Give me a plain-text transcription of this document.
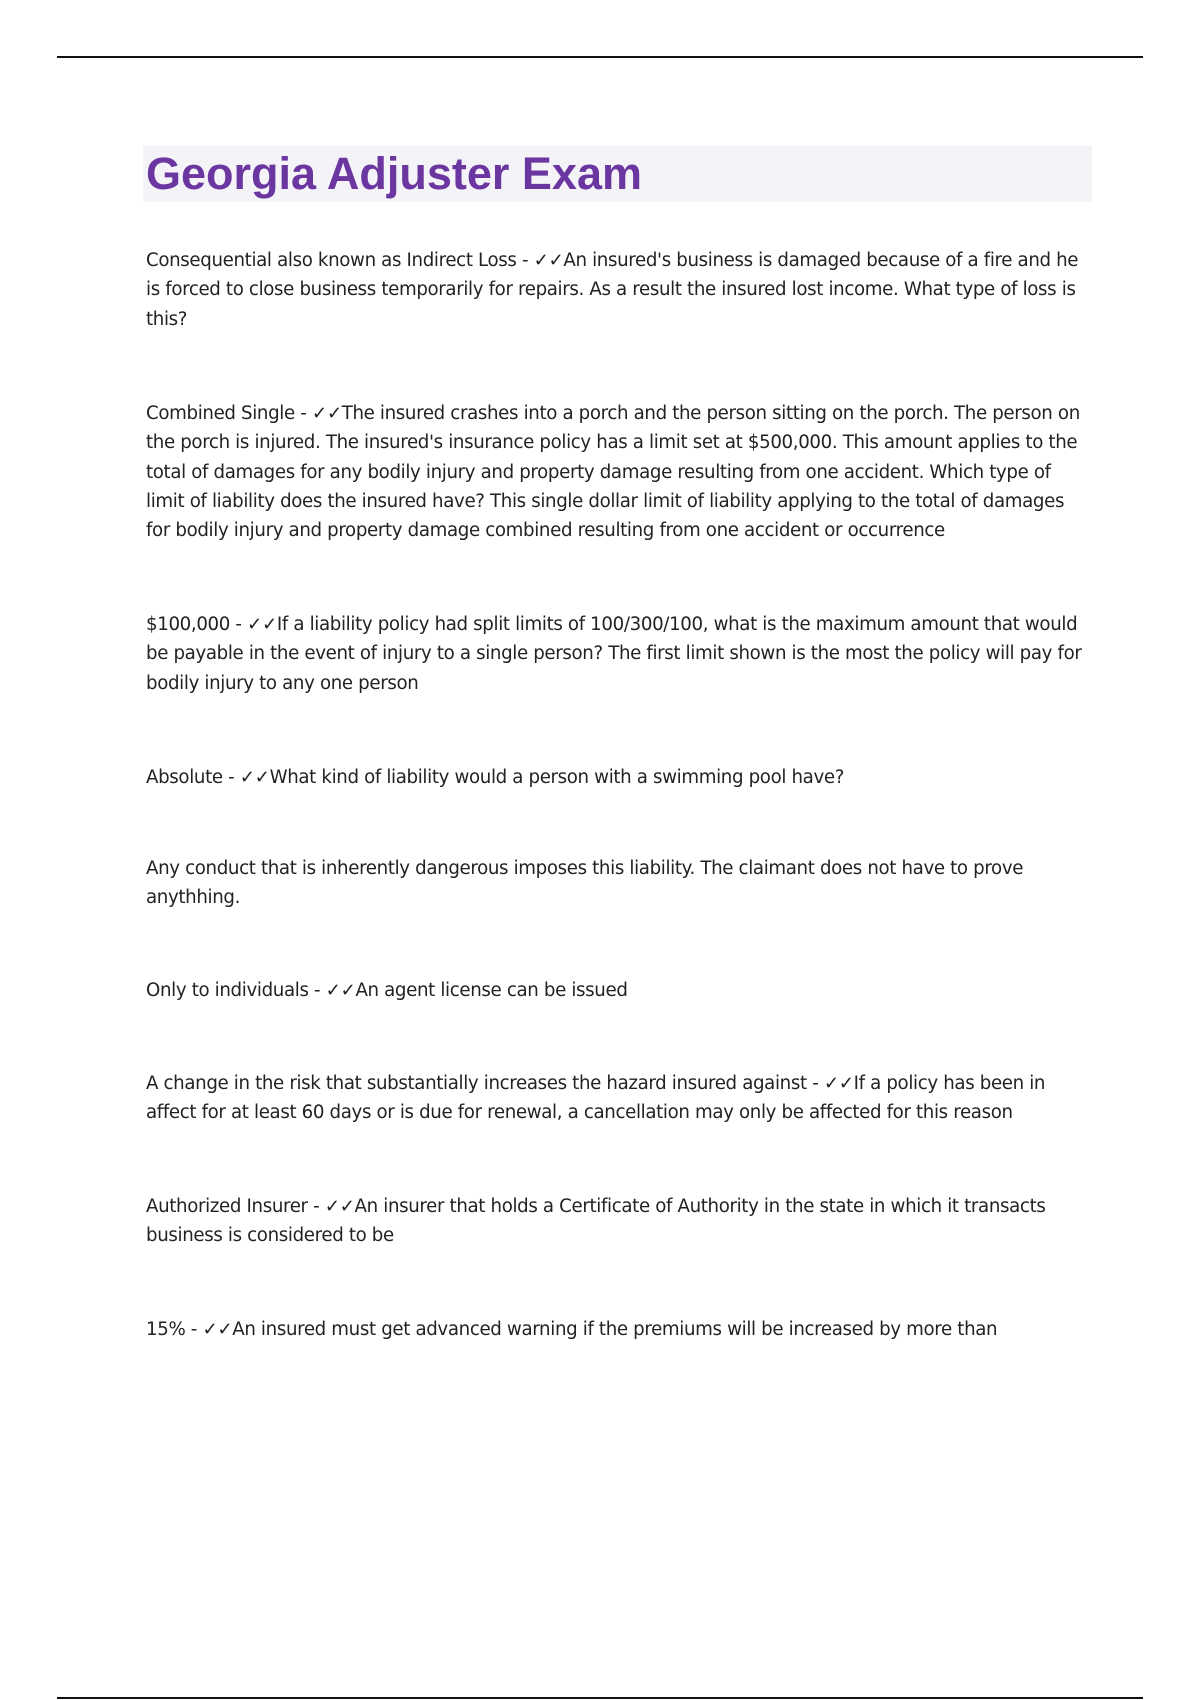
Georgia Adjuster Exam

Consequential also known as Indirect Loss - ✓✓An insured's business is damaged because of a fire and he is forced to close business temporarily for repairs. As a result the insured lost income. What type of loss is this?

Combined Single - ✓✓The insured crashes into a porch and the person sitting on the porch. The person on the porch is injured. The insured's insurance policy has a limit set at $500,000. This amount applies to the total of damages for any bodily injury and property damage resulting from one accident. Which type of limit of liability does the insured have? This single dollar limit of liability applying to the total of damages for bodily injury and property damage combined resulting from one accident or occurrence

$100,000 - ✓✓If a liability policy had split limits of 100/300/100, what is the maximum amount that would be payable in the event of injury to a single person? The first limit shown is the most the policy will pay for bodily injury to any one person

Absolute - ✓✓What kind of liability would a person with a swimming pool have?

Any conduct that is inherently dangerous imposes this liability. The claimant does not have to prove anythhing.

Only to individuals - ✓✓An agent license can be issued

A change in the risk that substantially increases the hazard insured against - ✓✓If a policy has been in affect for at least 60 days or is due for renewal, a cancellation may only be affected for this reason

Authorized Insurer - ✓✓An insurer that holds a Certificate of Authority in the state in which it transacts business is considered to be

15% - ✓✓An insured must get advanced warning if the premiums will be increased by more than
